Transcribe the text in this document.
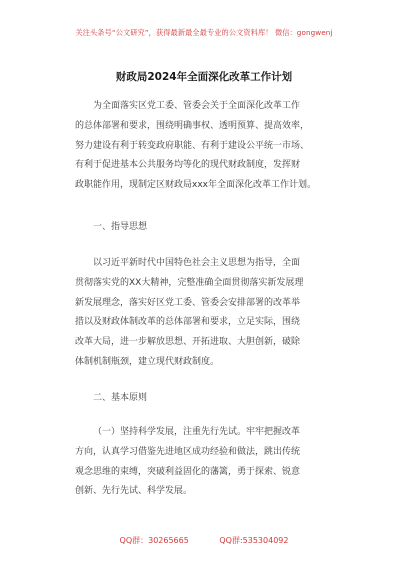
关注头条号“公文研究”，获得最新最全最专业的公文资料库！ 微信：gongwenj
财政局2024年全面深化改革工作计划
为全面落实区党工委、管委会关于全面深化改革工作
的总体部署和要求，围绕明确事权、透明预算、提高效率，
努力建设有利于转变政府职能、有利于建设公平统一市场、
有利于促进基本公共服务均等化的现代财政制度，发挥财
政职能作用，现制定区财政局xxx年全面深化改革工作计划。
一、指导思想
以习近平新时代中国特色社会主义思想为指导，全面
贯彻落实党的XX大精神，完整准确全面贯彻落实新发展理
新发展理念，落实好区党工委、管委会安排部署的改革举
措以及财政体制改革的总体部署和要求，立足实际，围绕
改革大局，进一步解放思想、开拓进取、大胆创新，破除
体制机制瓶颈，建立现代财政制度。
二、基本原则
（一）坚持科学发展，注重先行先试。牢牢把握改革
方向，认真学习借鉴先进地区成功经验和做法，跳出传统
观念思维的束缚，突破利益固化的藩篱，勇于探索、锐意
创新、先行先试、科学发展。
QQ群：30265665	QQ群:535304092
